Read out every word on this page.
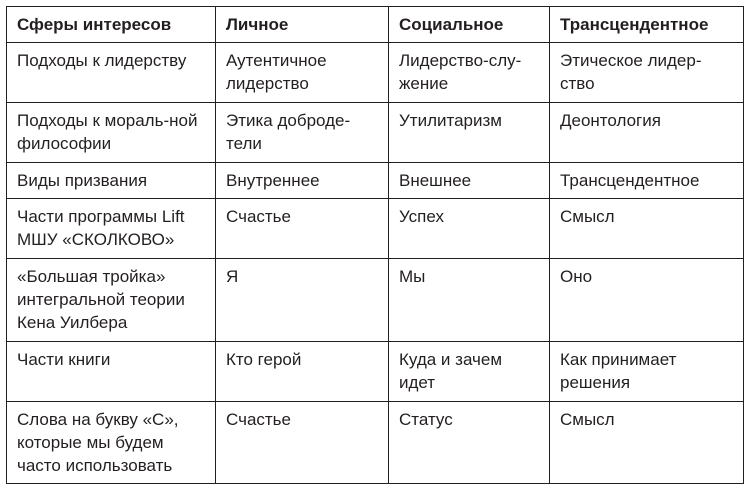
Сферы интересов	Личное	Социальное	Трансцендентное
Подходы к лидерству	Аутентичное лидерство	Лидерство-слу-жение	Этическое лидер-ство
Подходы к мораль-ной философии	Этика доброде-тели	Утилитаризм	Деонтология
Виды призвания	Внутреннее	Внешнее	Трансцендентное
Части программы Lift МШУ «СКОЛКОВО»	Счастье	Успех	Смысл
«Большая тройка» интегральной теории Кена Уилбера	Я	Мы	Оно
Части книги	Кто герой	Куда и зачем идет	Как принимает решения
Слова на букву «С», которые мы будем часто использовать	Счастье	Статус	Смысл
